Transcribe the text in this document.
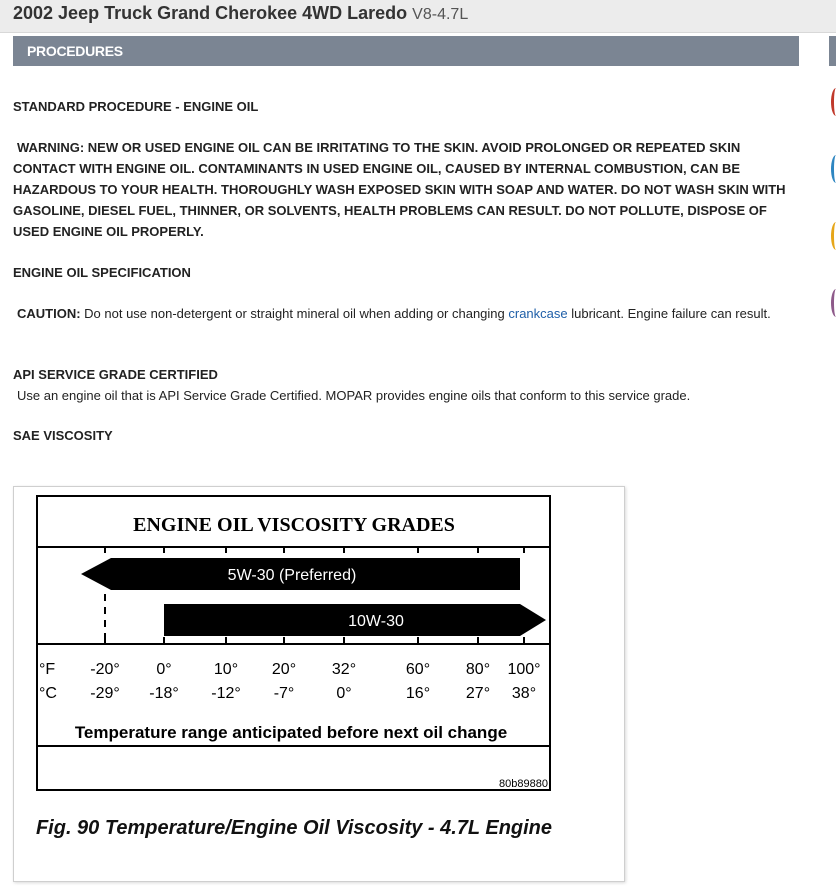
2002 Jeep Truck Grand Cherokee 4WD Laredo V8-4.7L
PROCEDURES
STANDARD PROCEDURE - ENGINE OIL
WARNING: NEW OR USED ENGINE OIL CAN BE IRRITATING TO THE SKIN. AVOID PROLONGED OR REPEATED SKIN CONTACT WITH ENGINE OIL. CONTAMINANTS IN USED ENGINE OIL, CAUSED BY INTERNAL COMBUSTION, CAN BE HAZARDOUS TO YOUR HEALTH. THOROUGHLY WASH EXPOSED SKIN WITH SOAP AND WATER. DO NOT WASH SKIN WITH GASOLINE, DIESEL FUEL, THINNER, OR SOLVENTS, HEALTH PROBLEMS CAN RESULT. DO NOT POLLUTE, DISPOSE OF USED ENGINE OIL PROPERLY.
ENGINE OIL SPECIFICATION
CAUTION: Do not use non-detergent or straight mineral oil when adding or changing crankcase lubricant. Engine failure can result.
API SERVICE GRADE CERTIFIED
Use an engine oil that is API Service Grade Certified. MOPAR provides engine oils that conform to this service grade.
SAE VISCOSITY
ENGINE OIL VISCOSITY GRADES
5W-30 (Preferred)
10W-30
°F
°C
-20° 0°	10° 20° 32°	60° 80° 100°
-29° -18° -12° -7°	0°	16° 27° 38°
Temperature range anticipated before next oil change
80b89880
Fig. 90 Temperature/Engine Oil Viscosity - 4.7L Engine
